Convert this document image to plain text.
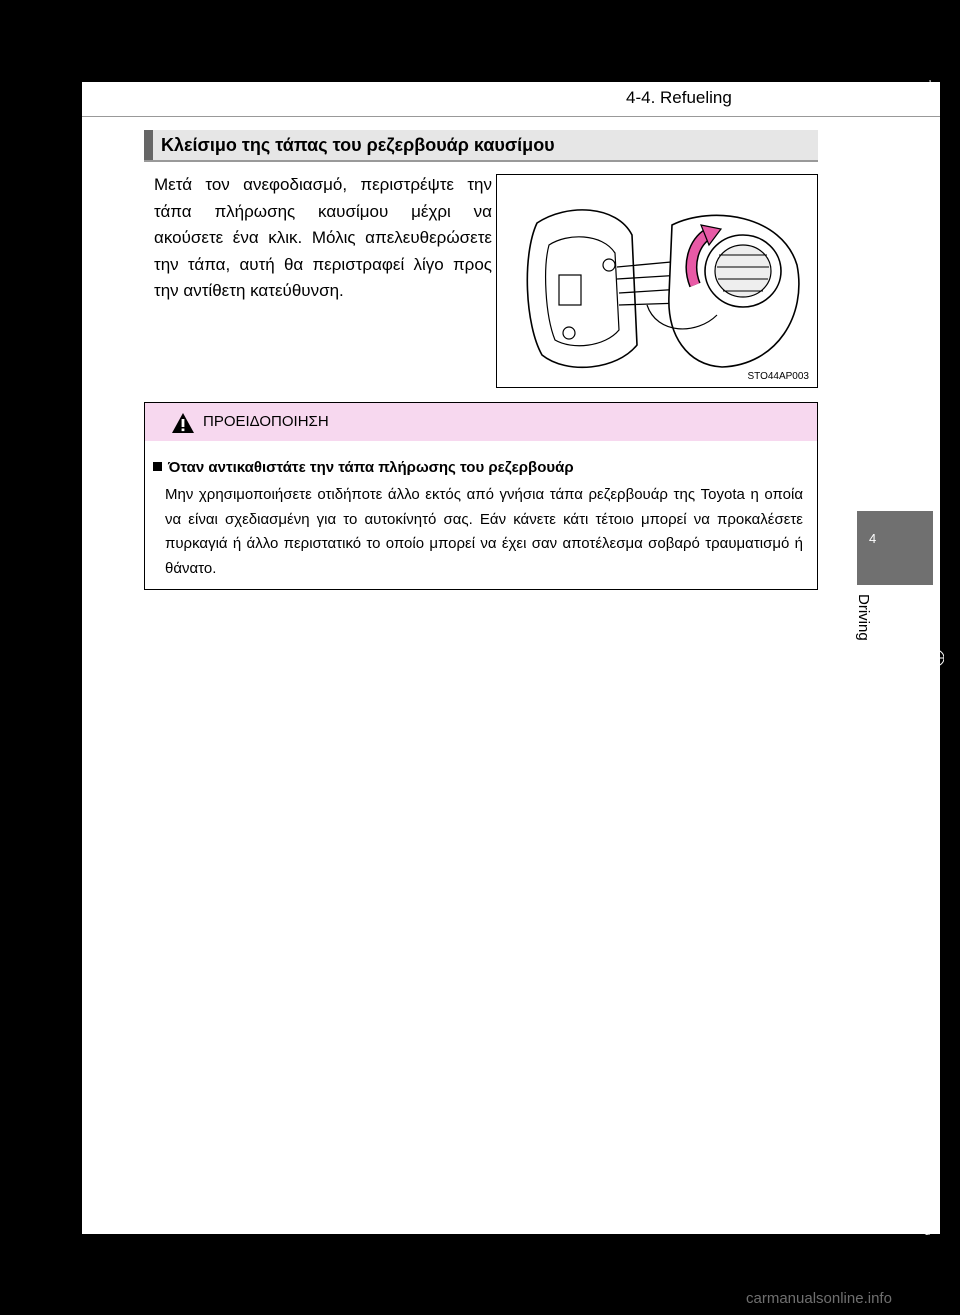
4-4. Refueling
Κλείσιμο της τάπας του ρεζερβουάρ καυσίμου
Μετά τον ανεφοδιασμό, περιστρέψτε την τάπα πλήρωσης καυσίμου μέχρι να ακούσετε ένα κλικ. Μόλις απελευθερώσετε την τάπα, αυτή θα περιστραφεί λίγο προς την αντίθετη κατεύθυνση.
STO44AP003
ΠΡΟΕΙΔΟΠΟΙΗΣΗ
Όταν αντικαθιστάτε την τάπα πλήρωσης του ρεζερβουάρ
Μην χρησιμοποιήσετε οτιδήποτε άλλο εκτός από γνήσια τάπα ρεζερβουάρ της Toyota η οποία να είναι σχεδιασμένη για το αυτοκίνητό σας. Εάν κάνετε κάτι τέτοιο μπορεί να προκαλέσετε πυρκαγιά ή άλλο περιστατικό το οποίο μπορεί να έχει σαν αποτέλεσμα σοβαρό τραυματισμό ή θάνατο.
4
Driving
carmanualsonline.info
